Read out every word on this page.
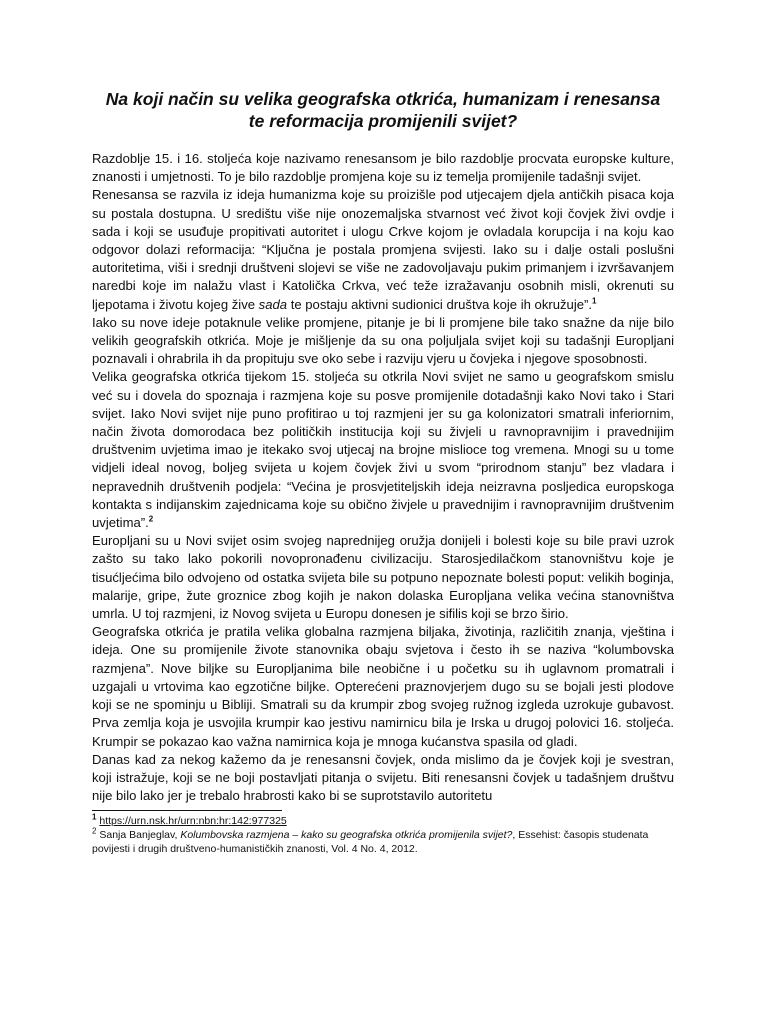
Na koji način su velika geografska otkrića, humanizam i renesansa
te reformacija promijenili svijet?

Razdoblje 15. i 16. stoljeća koje nazivamo renesansom je bilo razdoblje procvata europske kulture, znanosti i umjetnosti. To je bilo razdoblje promjena koje su iz temelja promijenile tadašnji svijet.

Renesansa se razvila iz ideja humanizma koje su proizišle pod utjecajem djela antičkih pisaca koja su postala dostupna. U središtu više nije onozemaljska stvarnost već život koji čovjek živi ovdje i sada i koji se usuđuje propitivati autoritet i ulogu Crkve kojom je ovladala korupcija i na koju kao odgovor dolazi reformacija: “Ključna je postala promjena svijesti. Iako su i dalje ostali poslušni autoritetima, viši i srednji društveni slojevi se više ne zadovoljavaju pukim primanjem i izvršavanjem naredbi koje im nalažu vlast i Katolička Crkva, već teže izražavanju osobnih misli, okrenuti su ljepotama i životu kojeg žive sada te postaju aktivni sudionici društva koje ih okružuje”.$^1$

Iako su nove ideje potaknule velike promjene, pitanje je bi li promjene bile tako snažne da nije bilo velikih geografskih otkrića. Moje je mišljenje da su ona poljuljala svijet koji su tadašnji Europljani poznavali i ohrabrila ih da propituju sve oko sebe i razviju vjeru u čovjeka i njegove sposobnosti.

Velika geografska otkrića tijekom 15. stoljeća su otkrila Novi svijet ne samo u geografskom smislu već su i dovela do spoznaja i razmjena koje su posve promijenile dotadašnji kako Novi tako i Stari svijet. Iako Novi svijet nije puno profitirao u toj razmjeni jer su ga kolonizatori smatrali inferiornim, način života domorodaca bez političkih institucija koji su živjeli u ravnopravnijim i pravednijim društvenim uvjetima imao je itekako svoj utjecaj na brojne mislioce tog vremena. Mnogi su u tome vidjeli ideal novog, boljeg svijeta u kojem čovjek živi u svom “prirodnom stanju” bez vladara i nepravednih društvenih podjela: “Većina je prosvjetiteljskih ideja neizravna posljedica europskoga kontakta s indijanskim zajednicama koje su obično živjele u pravednijim i ravnopravnijim društvenim uvjetima”.$^2$

Europljani su u Novi svijet osim svojeg naprednijeg oružja donijeli i bolesti koje su bile pravi uzrok zašto su tako lako pokorili novopronađenu civilizaciju. Starosjedilačkom stanovništvu koje je tisućljećima bilo odvojeno od ostatka svijeta bile su potpuno nepoznate bolesti poput: velikih boginja, malarije, gripe, žute groznice zbog kojih je nakon dolaska Europljana velika većina stanovništva umrla. U toj razmjeni, iz Novog svijeta u Europu donesen je sifilis koji se brzo širio.

Geografska otkrića je pratila velika globalna razmjena biljaka, životinja, različitih znanja, vještina i ideja. One su promijenile živote stanovnika obaju svjetova i često ih se naziva “kolumbovska razmjena”. Nove biljke su Europljanima bile neobične i u početku su ih uglavnom promatrali i uzgajali u vrtovima kao egzotične biljke. Opterećeni praznovjerjem dugo su se bojali jesti plodove koji se ne spominju u Bibliji. Smatrali su da krumpir zbog svojeg ružnog izgleda uzrokuje gubavost. Prva zemlja koja je usvojila krumpir kao jestivu namirnicu bila je Irska u drugoj polovici 16. stoljeća. Krumpir se pokazao kao važna namirnica koja je mnoga kućanstva spasila od gladi.

Danas kad za nekog kažemo da je renesansni čovjek, onda mislimo da je čovjek koji je svestran, koji istražuje, koji se ne boji postavljati pitanja o svijetu. Biti renesansni čovjek u tadašnjem društvu nije bilo lako jer je trebalo hrabrosti kako bi se suprotstavilo autoritetu

$^1$ https://urn.nsk.hr/urn:nbn:hr:142:977325

$^2$ Sanja Banjeglav, Kolumbovska razmjena – kako su geografska otkrića promijenila svijet?, Essehist: časopis studenata povijesti i drugih društveno-humanističkih znanosti, Vol. 4 No. 4, 2012.
